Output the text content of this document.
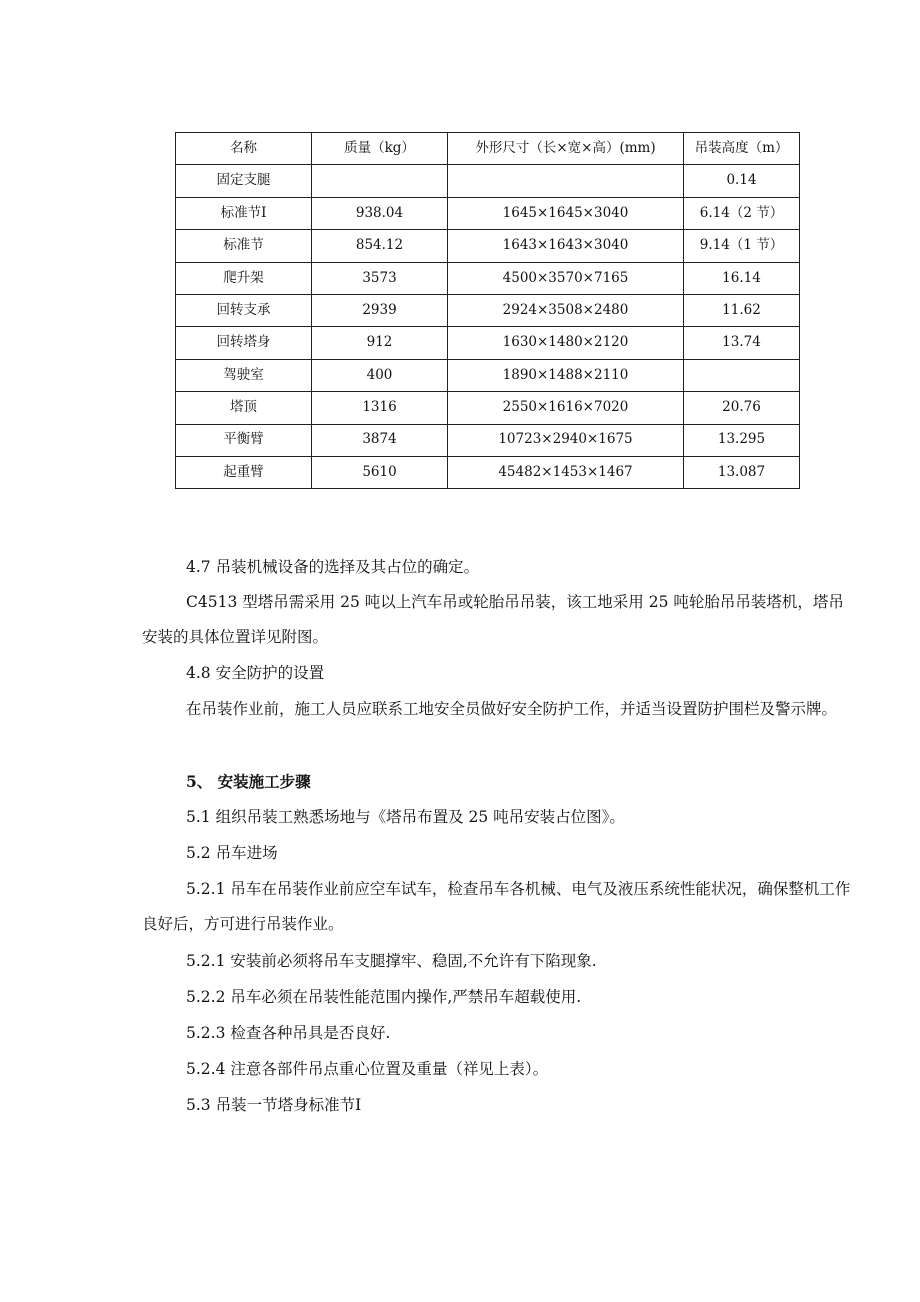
名称	质量（kg）	外形尺寸（长×宽×高）(mm)	吊装高度（m）
固定支腿			0.14
标准节Ⅰ	938.04	1645×1645×3040	6.14（2 节）
标准节	854.12	1643×1643×3040	9.14（1 节）
爬升架	3573	4500×3570×7165	16.14
回转支承	2939	2924×3508×2480	11.62
回转塔身	912	1630×1480×2120	13.74
驾驶室	400	1890×1488×2110	
塔顶	1316	2550×1616×7020	20.76
平衡臂	3874	10723×2940×1675	13.295
起重臂	5610	45482×1453×1467	13.087

4.7 吊装机械设备的选择及其占位的确定。

C4513 型塔吊需采用 25 吨以上汽车吊或轮胎吊吊装，该工地采用 25 吨轮胎吊吊装塔机，塔吊安装的具体位置详见附图。

4.8 安全防护的设置

在吊装作业前，施工人员应联系工地安全员做好安全防护工作，并适当设置防护围栏及警示牌。

5、 安装施工步骤

5.1 组织吊装工熟悉场地与《塔吊布置及 25 吨吊安装占位图》。

5.2 吊车进场

5.2.1 吊车在吊装作业前应空车试车，检查吊车各机械、电气及液压系统性能状况，确保整机工作良好后，方可进行吊装作业。

5.2.1 安装前必须将吊车支腿撑牢、稳固,不允许有下陷现象.

5.2.2 吊车必须在吊装性能范围内操作,严禁吊车超载使用.

5.2.3 检查各种吊具是否良好.

5.2.4 注意各部件吊点重心位置及重量（祥见上表）。

5.3 吊装一节塔身标准节Ⅰ
